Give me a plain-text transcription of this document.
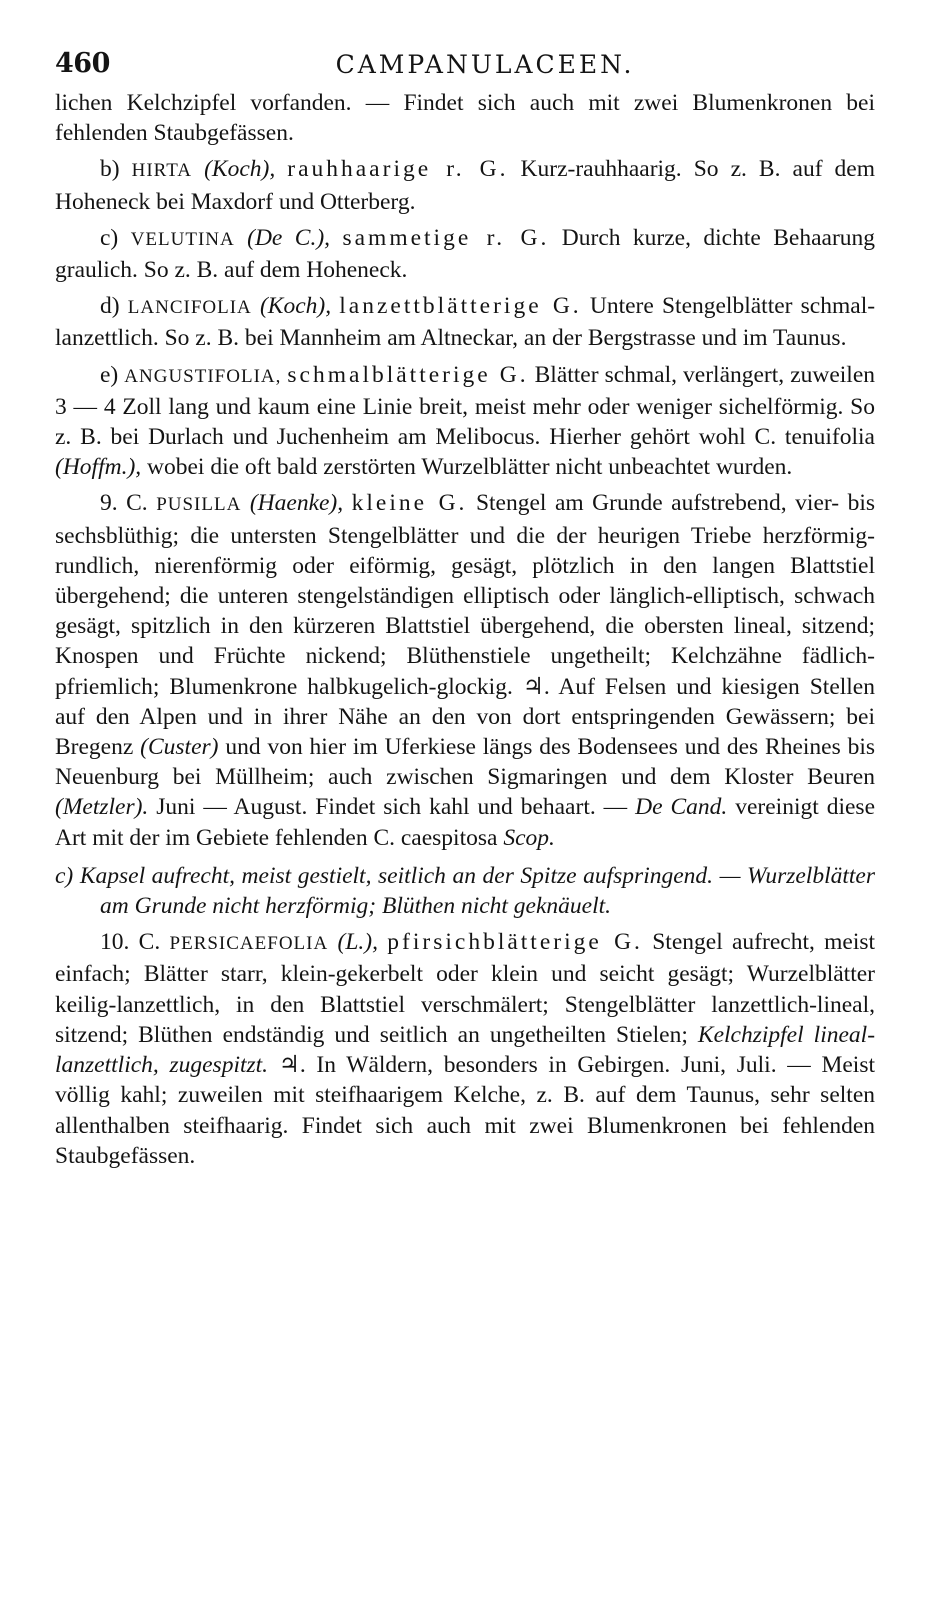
460	CAMPANULACEEN.

lichen Kelchzipfel vorfanden. — Findet sich auch mit zwei Blumenkronen bei fehlenden Staubgefässen.

b) HIRTA (Koch), rauhhaarige r. G. Kurz-rauhhaarig. So z. B. auf dem Hoheneck bei Maxdorf und Otterberg.

c) VELUTINA (De C.), sammetige r. G. Durch kurze, dichte Behaarung graulich. So z. B. auf dem Hoheneck.

d) LANCIFOLIA (Koch), lanzettblätterige G. Untere Stengelblätter schmal-lanzettlich. So z. B. bei Mannheim am Altneckar, an der Bergstrasse und im Taunus.

e) ANGUSTIFOLIA, schmalblätterige G. Blätter schmal, verlängert, zuweilen 3 — 4 Zoll lang und kaum eine Linie breit, meist mehr oder weniger sichelförmig. So z. B. bei Durlach und Juchenheim am Melibocus. Hierher gehört wohl C. tenuifolia (Hoffm.), wobei die oft bald zerstörten Wurzelblätter nicht unbeachtet wurden.

9. C. PUSILLA (Haenke), kleine G. Stengel am Grunde aufstrebend, vier- bis sechsblüthig; die untersten Stengelblätter und die der heurigen Triebe herzförmig-rundlich, nierenförmig oder eiförmig, gesägt, plötzlich in den langen Blattstiel übergehend; die unteren stengelständigen elliptisch oder länglich-elliptisch, schwach gesägt, spitzlich in den kürzeren Blattstiel übergehend, die obersten lineal, sitzend; Knospen und Früchte nickend; Blüthenstiele ungetheilt; Kelchzähne fädlich-pfriemlich; Blumenkrone halbkugelich-glockig. ♃. Auf Felsen und kiesigen Stellen auf den Alpen und in ihrer Nähe an den von dort entspringenden Gewässern; bei Bregenz (Custer) und von hier im Uferkiese längs des Bodensees und des Rheines bis Neuenburg bei Müllheim; auch zwischen Sigmaringen und dem Kloster Beuren (Metzler). Juni — August. Findet sich kahl und behaart. — De Cand. vereinigt diese Art mit der im Gebiete fehlenden C. caespitosa Scop.

c) Kapsel aufrecht, meist gestielt, seitlich an der Spitze aufspringend. — Wurzelblätter am Grunde nicht herzförmig; Blüthen nicht geknäuelt.

10. C. PERSICAEFOLIA (L.), pfirsichblätterige G. Stengel aufrecht, meist einfach; Blätter starr, klein-gekerbelt oder klein und seicht gesägt; Wurzelblätter keilig-lanzettlich, in den Blattstiel verschmälert; Stengelblätter lanzettlich-lineal, sitzend; Blüthen endständig und seitlich an ungetheilten Stielen; Kelchzipfel lineal-lanzettlich, zugespitzt. ♃. In Wäldern, besonders in Gebirgen. Juni, Juli. — Meist völlig kahl; zuweilen mit steifhaarigem Kelche, z. B. auf dem Taunus, sehr selten allenthalben steifhaarig. Findet sich auch mit zwei Blumenkronen bei fehlenden Staubgefässen.
